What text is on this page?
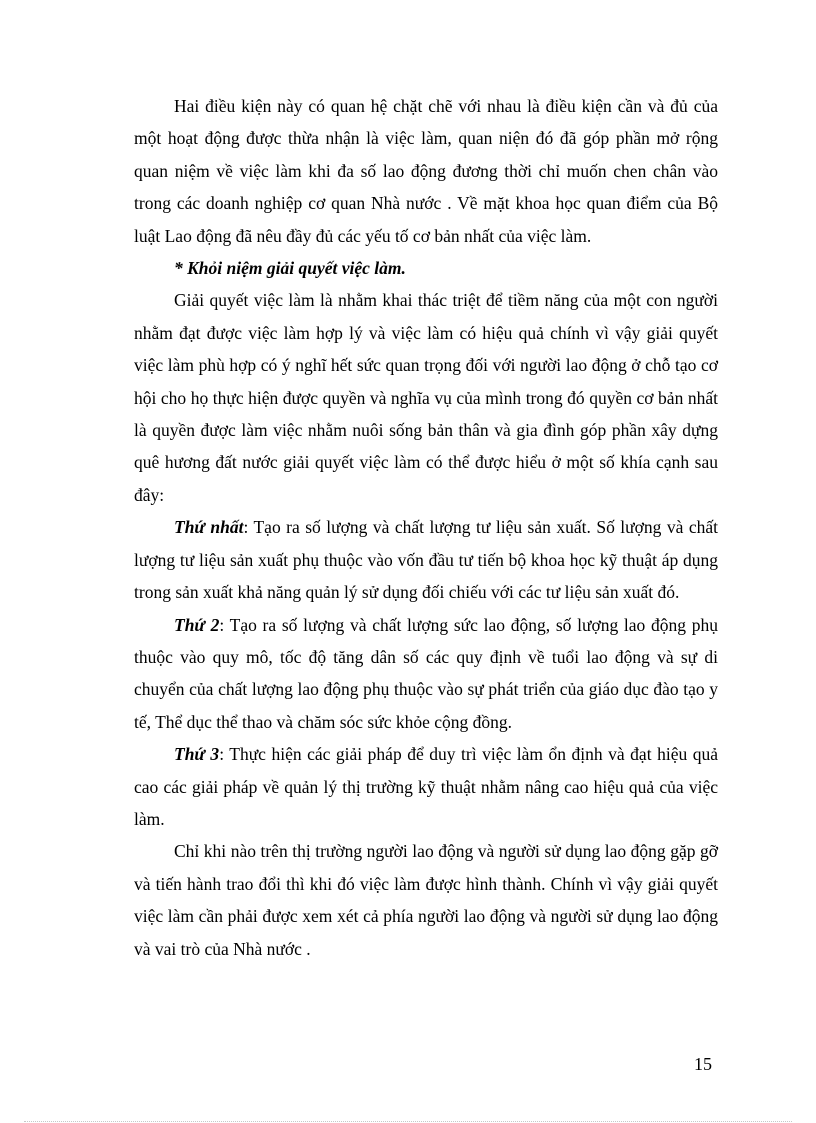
Hai điều kiện này có quan hệ chặt chẽ với nhau là điều kiện cần và đủ của một hoạt động được thừa nhận là việc làm, quan niện đó đã góp phần mở rộng quan niệm về việc làm khi đa số lao động đương thời chỉ muốn chen chân vào trong các doanh nghiệp cơ quan Nhà nước . Về mặt khoa học quan điểm của Bộ luật Lao động đã nêu đầy đủ các yếu tố cơ bản nhất của việc làm.

* Khỏi niệm giải quyết việc làm.

Giải quyết việc làm là nhằm khai thác triệt để tiềm năng của một con người nhằm đạt được việc làm hợp lý và việc làm có hiệu quả chính vì vậy giải quyết việc làm phù hợp có ý nghĩ hết sức quan trọng đối với người lao động ở chỗ tạo cơ hội cho họ thực hiện được quyền và nghĩa vụ của mình trong đó quyền cơ bản nhất là quyền được làm việc nhằm nuôi sống bản thân và gia đình góp phần xây dựng quê hương đất nước giải quyết việc làm có thể được hiểu ở một số khía cạnh sau đây:

Thứ nhất: Tạo ra số lượng và chất lượng tư liệu sản xuất. Số lượng và chất lượng tư liệu sản xuất phụ thuộc vào vốn đầu tư tiến bộ khoa học kỹ thuật áp dụng trong sản xuất khả năng quản lý sử dụng đối chiếu với các tư liệu sản xuất đó.

Thứ 2: Tạo ra số lượng và chất lượng sức lao động, số lượng lao động phụ thuộc vào quy mô, tốc độ tăng dân số các quy định về tuổi lao động và sự di chuyển của chất lượng lao động phụ thuộc vào sự phát triển của giáo dục đào tạo y tế, Thể dục thể thao và chăm sóc sức khỏe cộng đồng.

Thứ 3: Thực hiện các giải pháp để duy trì việc làm ổn định và đạt hiệu quả cao các giải pháp về quản lý thị trường kỹ thuật nhằm nâng cao hiệu quả của việc làm.

Chỉ khi nào trên thị trường người lao động và người sử dụng lao động gặp gỡ và tiến hành trao đổi thì khi đó việc làm được hình thành. Chính vì vậy giải quyết việc làm cần phải được xem xét cả phía người lao động và người sử dụng lao động và vai trò của Nhà nước .

15
